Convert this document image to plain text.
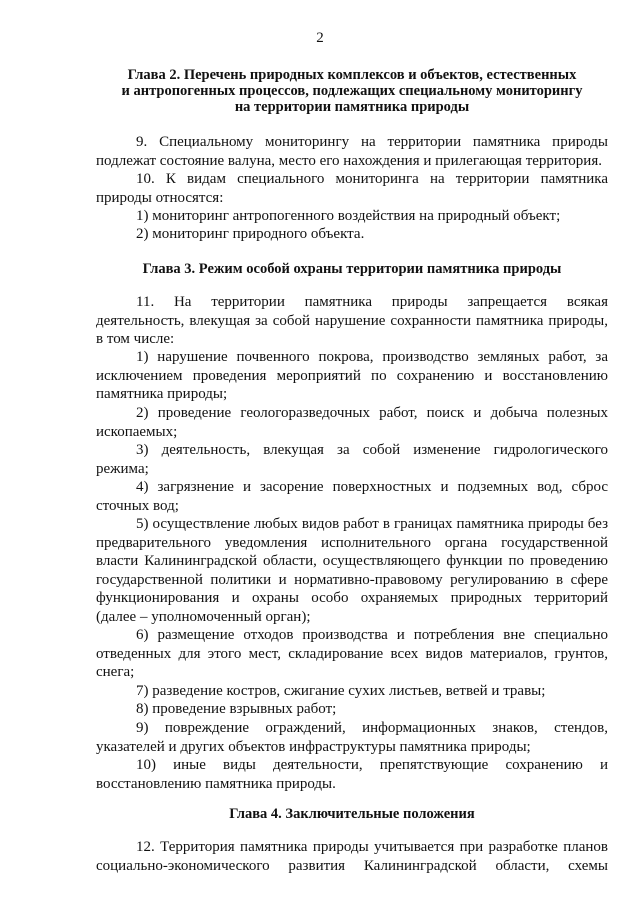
2
Глава 2. Перечень природных комплексов и объектов, естественных
и антропогенных процессов, подлежащих специальному мониторингу
на территории памятника природы

9. Специальному мониторингу на территории памятника природы
подлежат состояние валуна, место его нахождения и прилегающая территория.

10. К видам специального мониторинга на территории памятника
природы относятся:

1) мониторинг антропогенного воздействия на природный объект;

2) мониторинг природного объекта.

Глава 3. Режим особой охраны территории памятника природы

11. На территории памятника природы запрещается всякая
деятельность, влекущая за собой нарушение сохранности памятника природы,
в том числе:

1) нарушение почвенного покрова, производство земляных работ, за
исключением проведения мероприятий по сохранению и восстановлению
памятника природы;

2) проведение геологоразведочных работ, поиск и добыча полезных
ископаемых;

3) деятельность, влекущая за собой изменение гидрологического
режима;

4) загрязнение и засорение поверхностных и подземных вод, сброс
сточных вод;

5) осуществление любых видов работ в границах памятника природы без
предварительного уведомления исполнительного органа государственной
власти Калининградской области, осуществляющего функции по проведению
государственной политики и нормативно-правовому регулированию в сфере
функционирования и охраны особо охраняемых природных территорий
(далее – уполномоченный орган);

6) размещение отходов производства и потребления вне специально
отведенных для этого мест, складирование всех видов материалов, грунтов,
снега;

7) разведение костров, сжигание сухих листьев, ветвей и травы;

8) проведение взрывных работ;

9) повреждение ограждений, информационных знаков, стендов,
указателей и других объектов инфраструктуры памятника природы;

10) иные виды деятельности, препятствующие сохранению и
восстановлению памятника природы.

Глава 4. Заключительные положения

12. Территория памятника природы учитывается при разработке планов
социально-экономического развития Калининградской области, схемы
